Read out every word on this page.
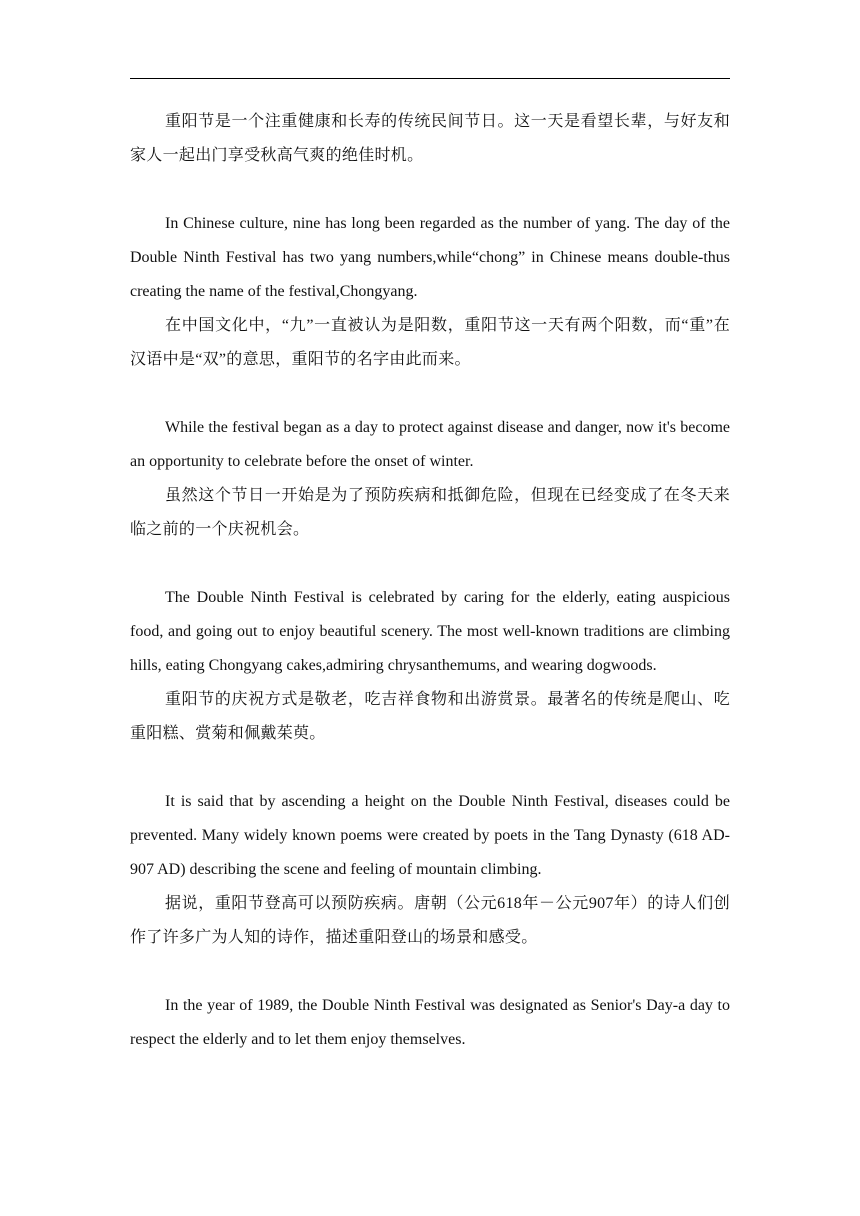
重阳节是一个注重健康和长寿的传统民间节日。这一天是看望长辈，与好友和家人一起出门享受秋高气爽的绝佳时机。

In Chinese culture, nine has long been regarded as the number of yang. The day of the Double Ninth Festival has two yang numbers,while“chong” in Chinese means double-thus creating the name of the festival,Chongyang.

在中国文化中，“九”一直被认为是阳数，重阳节这一天有两个阳数，而“重”在汉语中是“双”的意思，重阳节的名字由此而来。

While the festival began as a day to protect against disease and danger, now it's become an opportunity to celebrate before the onset of winter.

虽然这个节日一开始是为了预防疾病和抵御危险，但现在已经变成了在冬天来临之前的一个庆祝机会。

The Double Ninth Festival is celebrated by caring for the elderly, eating auspicious food, and going out to enjoy beautiful scenery. The most well-known traditions are climbing hills, eating Chongyang cakes,admiring chrysanthemums, and wearing dogwoods.

重阳节的庆祝方式是敬老，吃吉祥食物和出游赏景。最著名的传统是爬山、吃重阳糕、赏菊和佩戴茱萸。

It is said that by ascending a height on the Double Ninth Festival, diseases could be prevented. Many widely known poems were created by poets in the Tang Dynasty (618 AD-907 AD) describing the scene and feeling of mountain climbing.

据说，重阳节登高可以预防疾病。唐朝（公元618年－公元907年）的诗人们创作了许多广为人知的诗作，描述重阳登山的场景和感受。

In the year of 1989, the Double Ninth Festival was designated as Senior's Day-a day to respect the elderly and to let them enjoy themselves.
